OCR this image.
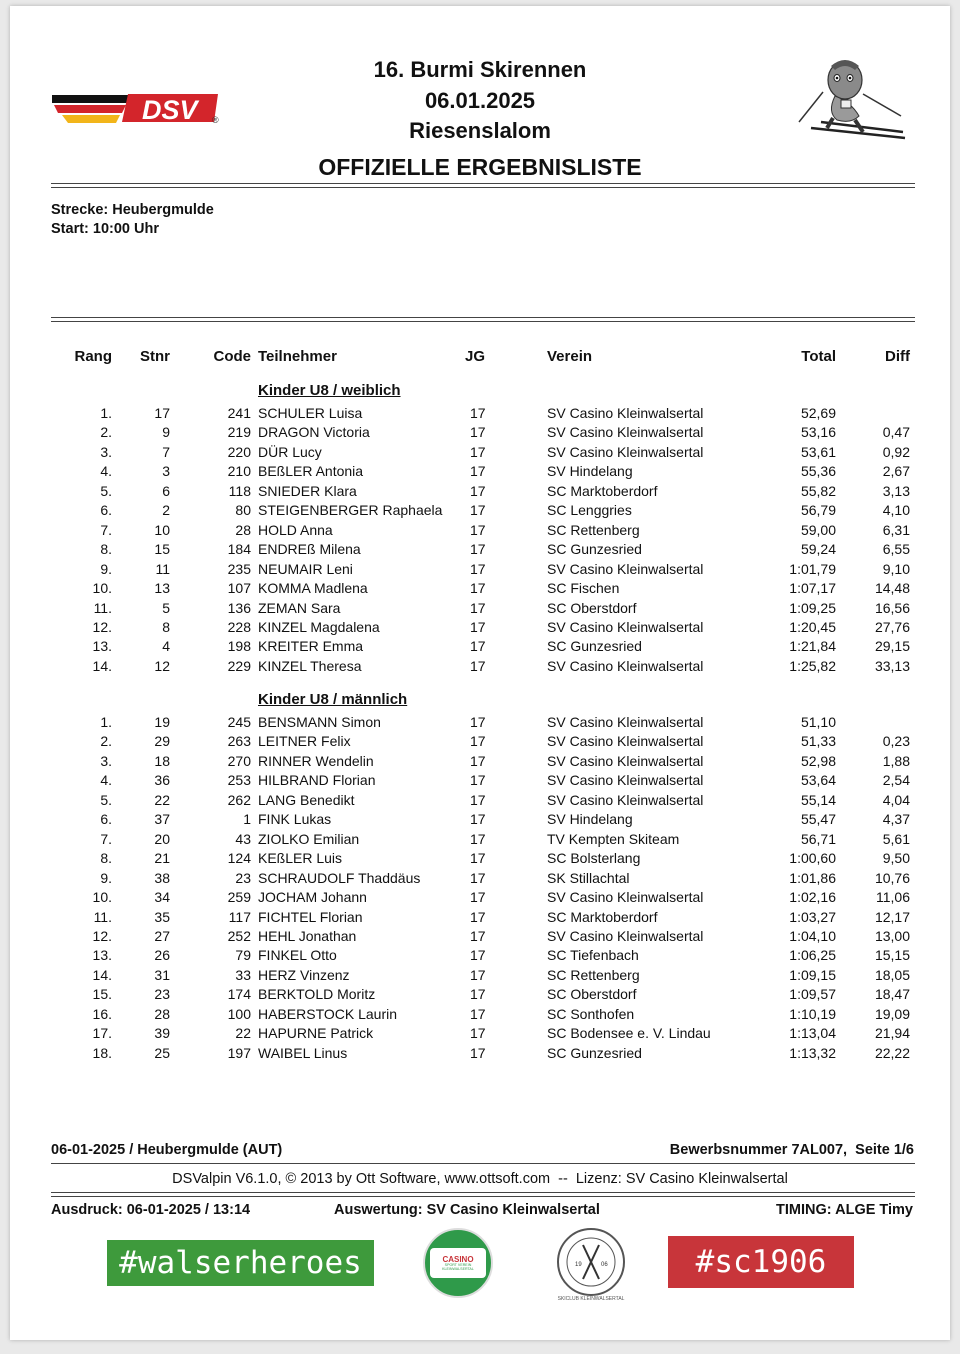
DSV ®
16. Burmi Skirennen
06.01.2025
Riesenslalom
OFFIZIELLE ERGEBNISLISTE
Strecke: Heubergmulde
Start: 10:00 Uhr
Rang Stnr	Code Teilnehmer	JG	Verein	Total	Diff
Kinder U8 / weiblich
1.	17	241 SCHULER Luisa	17	SV Casino Kleinwalsertal	52,69
2.	9	219 DRAGON Victoria	17	SV Casino Kleinwalsertal	53,16	0,47
3.	7	220 DÜR Lucy	17	SV Casino Kleinwalsertal	53,61	0,92
4.	3	210 BEßLER Antonia	17	SV Hindelang	55,36	2,67
5.	6	118 SNIEDER Klara	17	SC Marktoberdorf	55,82	3,13
6.	2	80 STEIGENBERGER Raphaela 17	SC Lenggries	56,79	4,10
7.	10	28 HOLD Anna	17	SC Rettenberg	59,00	6,31
8.	15	184 ENDREß Milena	17	SC Gunzesried	59,24	6,55
9.	11	235 NEUMAIR Leni	17	SV Casino Kleinwalsertal	1:01,79	9,10
10.	13	107 KOMMA Madlena	17	SC Fischen	1:07,17	14,48
11.	5	136 ZEMAN Sara	17	SC Oberstdorf	1:09,25	16,56
12.	8	228 KINZEL Magdalena	17	SV Casino Kleinwalsertal	1:20,45	27,76
13.	4	198 KREITER Emma	17	SC Gunzesried	1:21,84	29,15
14.	12	229 KINZEL Theresa	17	SV Casino Kleinwalsertal	1:25,82	33,13
Kinder U8 / männlich
1.	19	245 BENSMANN Simon	17	SV Casino Kleinwalsertal	51,10
2.	29	263 LEITNER Felix	17	SV Casino Kleinwalsertal	51,33	0,23
3.	18	270 RINNER Wendelin	17	SV Casino Kleinwalsertal	52,98	1,88
4.	36	253 HILBRAND Florian	17	SV Casino Kleinwalsertal	53,64	2,54
5.	22	262 LANG Benedikt	17	SV Casino Kleinwalsertal	55,14	4,04
6.	37	1 FINK Lukas	17	SV Hindelang	55,47	4,37
7.	20	43 ZIOLKO Emilian	17	TV Kempten Skiteam	56,71	5,61
8.	21	124 KEßLER Luis	17	SC Bolsterlang	1:00,60	9,50
9.	38	23 SCHRAUDOLF Thaddäus	17	SK Stillachtal	1:01,86	10,76
10.	34	259 JOCHAM Johann	17	SV Casino Kleinwalsertal	1:02,16	11,06
11.	35	117 FICHTEL Florian	17	SC Marktoberdorf	1:03,27	12,17
12.	27	252 HEHL Jonathan	17	SV Casino Kleinwalsertal	1:04,10	13,00
13.	26	79 FINKEL Otto	17	SC Tiefenbach	1:06,25	15,15
14.	31	33 HERZ Vinzenz	17	SC Rettenberg	1:09,15	18,05
15.	23	174 BERKTOLD Moritz	17	SC Oberstdorf	1:09,57	18,47
16.	28	100 HABERSTOCK Laurin	17	SC Sonthofen	1:10,19	19,09
17.	39	22 HAPURNE Patrick	17	SC Bodensee e. V. Lindau	1:13,04	21,94
18.	25	197 WAIBEL Linus	17	SC Gunzesried	1:13,32	22,22
06-01-2025 / Heubergmulde (AUT)	Bewerbsnummer 7AL007,  Seite 1/6
DSValpin V6.1.0, © 2013 by Ott Software, www.ottsoft.com  --  Lizenz: SV Casino Kleinwalsertal
Ausdruck: 06-01-2025 / 13:14	Auswertung: SV Casino Kleinwalsertal	TIMING: ALGE Timy
#walserheroes	CASINO
SPORT VEREIN KLEINWALSERTAL
19	06
SKICLUB KLEINWALSERTAL
#sc1906
